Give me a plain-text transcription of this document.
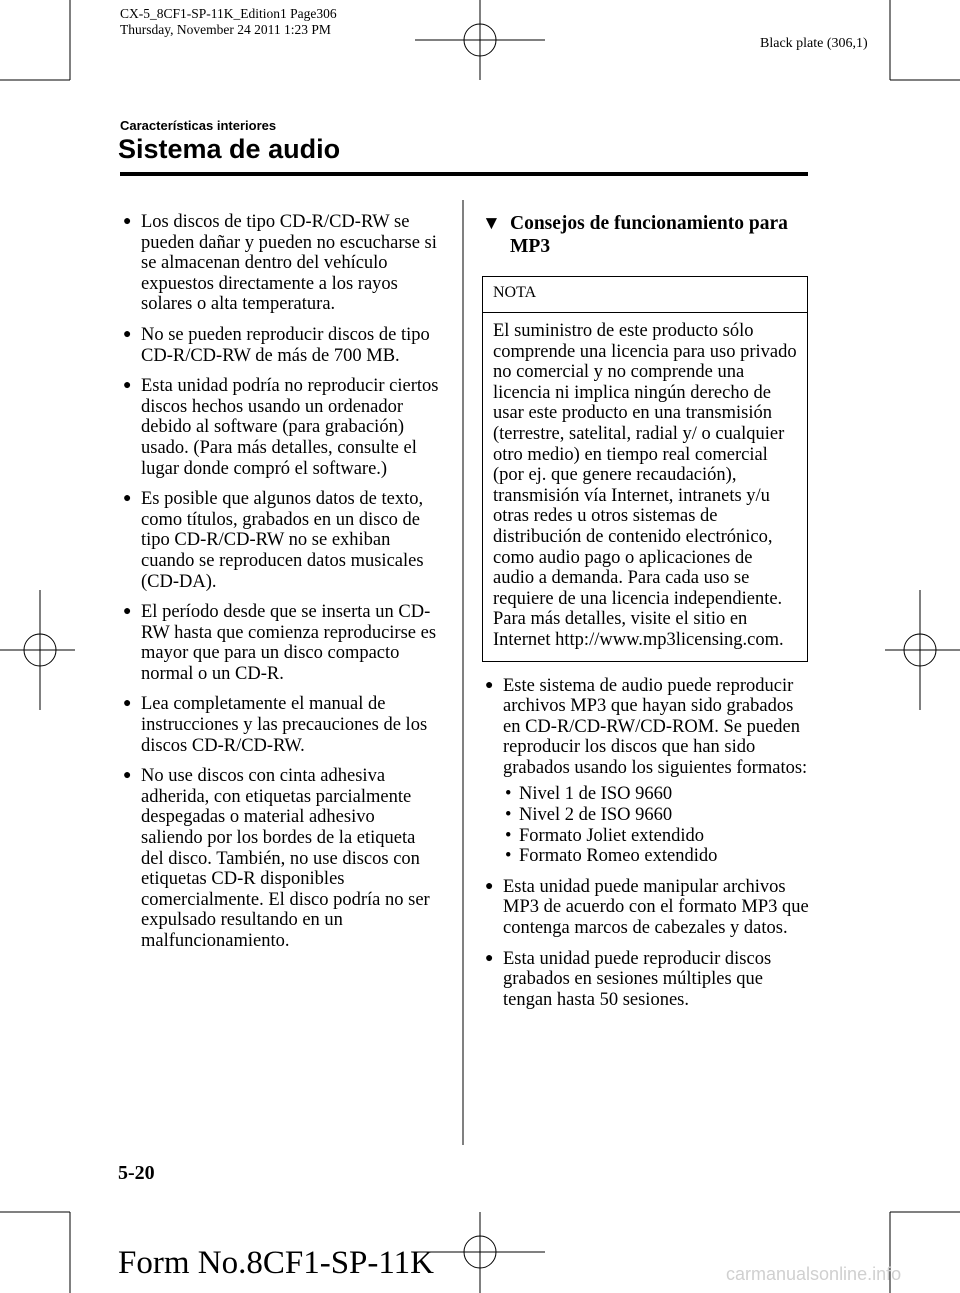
CX-5_8CF1-SP-11K_Edition1 Page306
Thursday, November 24 2011 1:23 PM
Black plate (306,1)
Características interiores
Sistema de audio
● Los discos de tipo CD-R/CD-RW se pueden dañar y pueden no escucharse si se almacenan dentro del vehículo expuestos directamente a los rayos solares o alta temperatura.
● No se pueden reproducir discos de tipo CD-R/CD-RW de más de 700 MB.
● Esta unidad podría no reproducir ciertos discos hechos usando un ordenador debido al software (para grabación) usado. (Para más detalles, consulte el lugar donde compró el software.)
● Es posible que algunos datos de texto, como títulos, grabados en un disco de tipo CD-R/CD-RW no se exhiban cuando se reproducen datos musicales (CD-DA).
● El período desde que se inserta un CD-RW hasta que comienza reproducirse es mayor que para un disco compacto normal o un CD-R.
● Lea completamente el manual de instrucciones y las precauciones de los discos CD-R/CD-RW.
● No use discos con cinta adhesiva adherida, con etiquetas parcialmente despegadas o material adhesivo saliendo por los bordes de la etiqueta del disco. También, no use discos con etiquetas CD-R disponibles comercialmente. El disco podría no ser expulsado resultando en un malfuncionamiento.
▼ Consejos de funcionamiento para MP3
NOTA
El suministro de este producto sólo comprende una licencia para uso privado no comercial y no comprende una licencia ni implica ningún derecho de usar este producto en una transmisión (terrestre, satelital, radial y/ o cualquier otro medio) en tiempo real comercial (por ej. que genere recaudación), transmisión vía Internet, intranets y/u otras redes u otros sistemas de distribución de contenido electrónico, como audio pago o aplicaciones de audio a demanda. Para cada uso se requiere de una licencia independiente. Para más detalles, visite el sitio en Internet http://www.mp3licensing.com.
● Este sistema de audio puede reproducir archivos MP3 que hayan sido grabados en CD-R/CD-RW/CD-ROM. Se pueden reproducir los discos que han sido grabados usando los siguientes formatos:
• Nivel 1 de ISO 9660
• Nivel 2 de ISO 9660
• Formato Joliet extendido
• Formato Romeo extendido
● Esta unidad puede manipular archivos MP3 de acuerdo con el formato MP3 que contenga marcos de cabezales y datos.
● Esta unidad puede reproducir discos grabados en sesiones múltiples que tengan hasta 50 sesiones.
5-20
Form No.8CF1-SP-11K	carmanualsonline.info
